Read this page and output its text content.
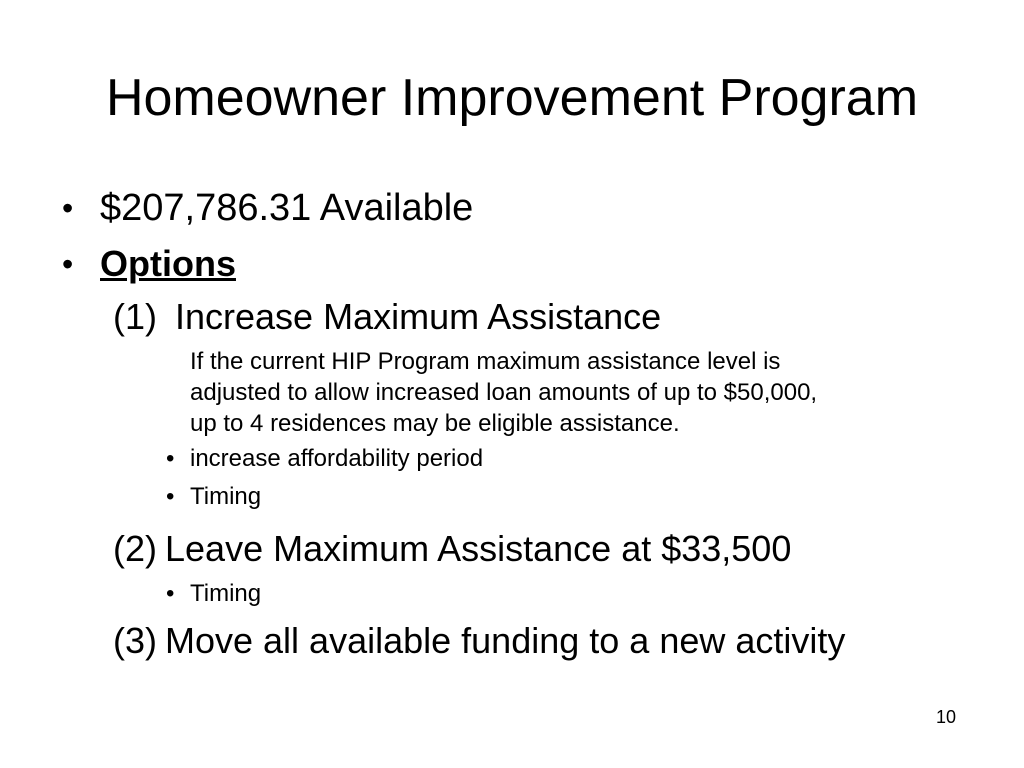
Homeowner Improvement Program
• $207,786.31 Available
• Options
(1) Increase Maximum Assistance
If the current HIP Program maximum assistance level is
adjusted to allow increased loan amounts of up to $50,000,
up to 4 residences may be eligible assistance.
• increase affordability period
• Timing
(2) Leave Maximum Assistance at $33,500
• Timing
(3) Move all available funding to a new activity
10
